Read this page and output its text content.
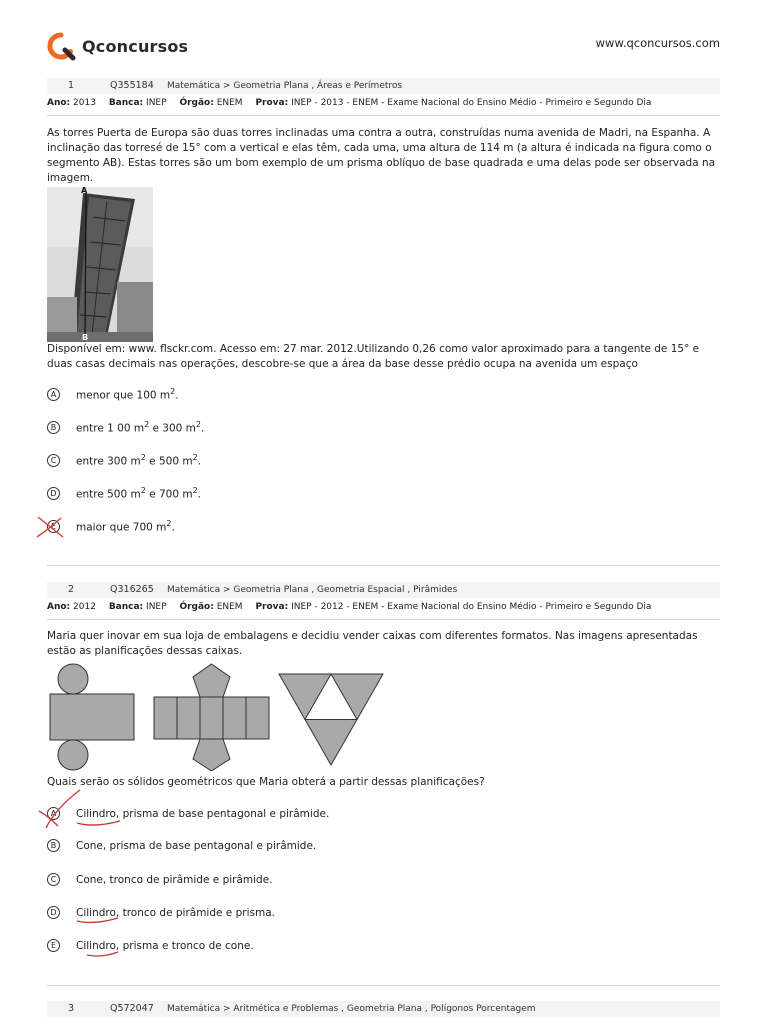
Qconcursos	www.qconcursos.com
1	Q355184 Matemática > Geometria Plana , Áreas e Perímetros
Ano: 2013 Banca: INEP Órgão: ENEM Prova: INEP - 2013 - ENEM - Exame Nacional do Ensino Médio - Primeiro e Segundo Dia
As torres Puerta de Europa são duas torres inclinadas uma contra a outra, construídas numa avenida de Madri, na Espanha. A inclinação das torresé de 15° com a vertical e elas têm, cada uma, uma altura de 114 m (a altura é indicada na figura como o segmento AB). Estas torres são um bom exemplo de um prisma oblíquo de base quadrada e uma delas pode ser observada na imagem.
A
B
Disponível em: www. flsckr.com. Acesso em: 27 mar. 2012.Utilizando 0,26 como valor aproximado para a tangente de 15° e duas casas decimais nas operações, descobre-se que a área da base desse prédio ocupa na avenida um espaço
A	menor que 100 $m^2$.
B	entre 1 00 $m^2$ e 300 $m^2$.
C	entre 300 $m^2$ e 500 $m^2$.
D	entre 500 $m^2$ e 700 $m^2$.
E	maior que 700 $m^2$.
2	Q316265 Matemática > Geometria Plana , Geometria Espacial , Pirâmides
Ano: 2012 Banca: INEP Órgão: ENEM Prova: INEP - 2012 - ENEM - Exame Nacional do Ensino Médio - Primeiro e Segundo Dia
Maria quer inovar em sua loja de embalagens e decidiu vender caixas com diferentes formatos. Nas imagens apresentadas estão as planificações dessas caixas.
Quais serão os sólidos geométricos que Maria obterá a partir dessas planificações?
A	Cilindro, prisma de base pentagonal e pirâmide.
B	Cone, prisma de base pentagonal e pirâmide.
C	Cone, tronco de pirâmide e pirâmide.
D	Cilindro, tronco de pirâmide e prisma.
E	Cilindro, prisma e tronco de cone.
3	Q572047 Matemática > Aritmética e Problemas , Geometria Plana , Polígonos Porcentagem
